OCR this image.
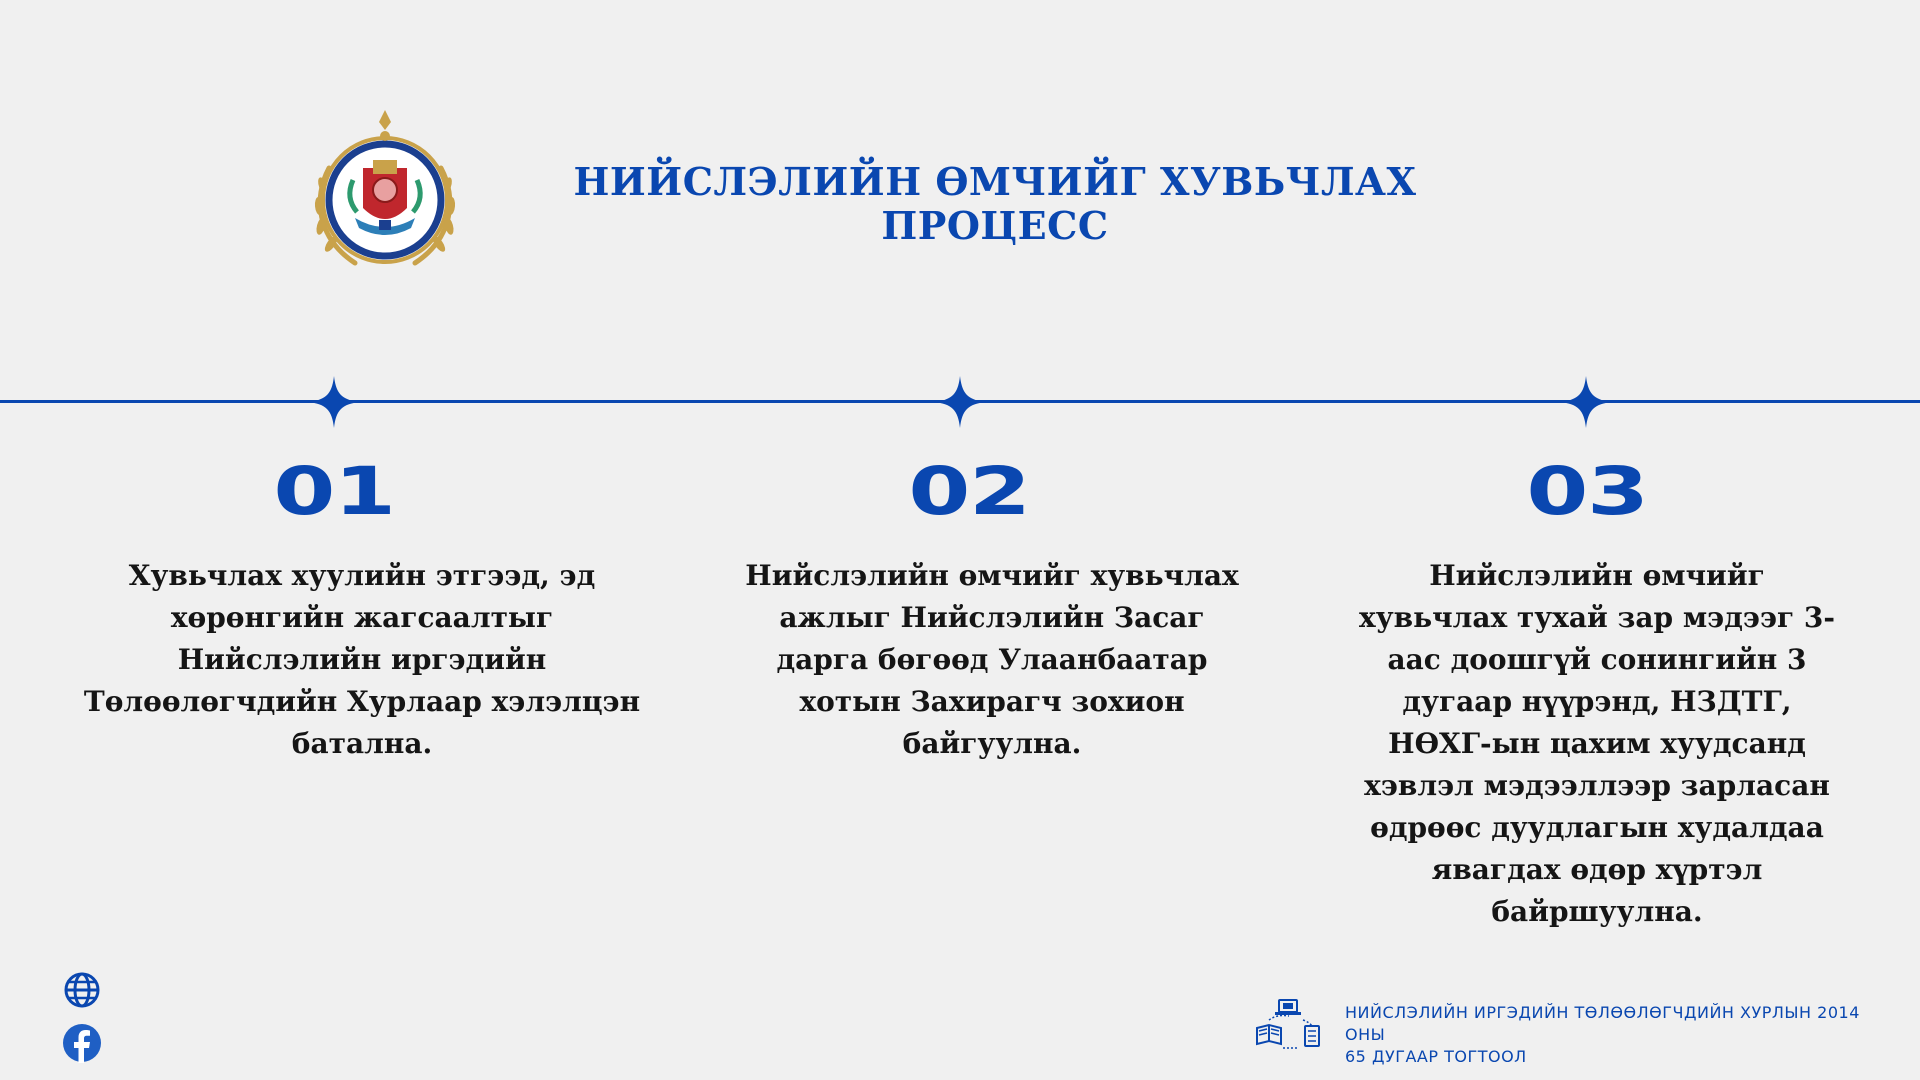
НИЙСЛЭЛИЙН ӨМЧИЙГ ХУВЬЧЛАХ
ПРОЦЕСС
01	02	03
Хувьчлах хуулийн этгээд, эд хөрөнгийн жагсаалтыг Нийслэлийн иргэдийн Төлөөлөгчдийн Хурлаар хэлэлцэн батална.
Нийслэлийн өмчийг хувьчлах ажлыг Нийслэлийн Засаг дарга бөгөөд Улаанбаатар хотын Захирагч зохион байгуулна.
Нийслэлийн өмчийг хувьчлах тухай зар мэдээг 3-аас доошгүй сонингийн 3 дугаар нүүрэнд, НЗДТГ, НӨХГ-ын цахим хуудсанд хэвлэл мэдээллээр зарласан өдрөөс дуудлагын худалдаа явагдах өдөр хүртэл байршуулна.
НИЙСЛЭЛИЙН ИРГЭДИЙН ТӨЛӨӨЛӨГЧДИЙН ХУРЛЫН 2014 ОНЫ
65 ДУГААР ТОГТООЛ
